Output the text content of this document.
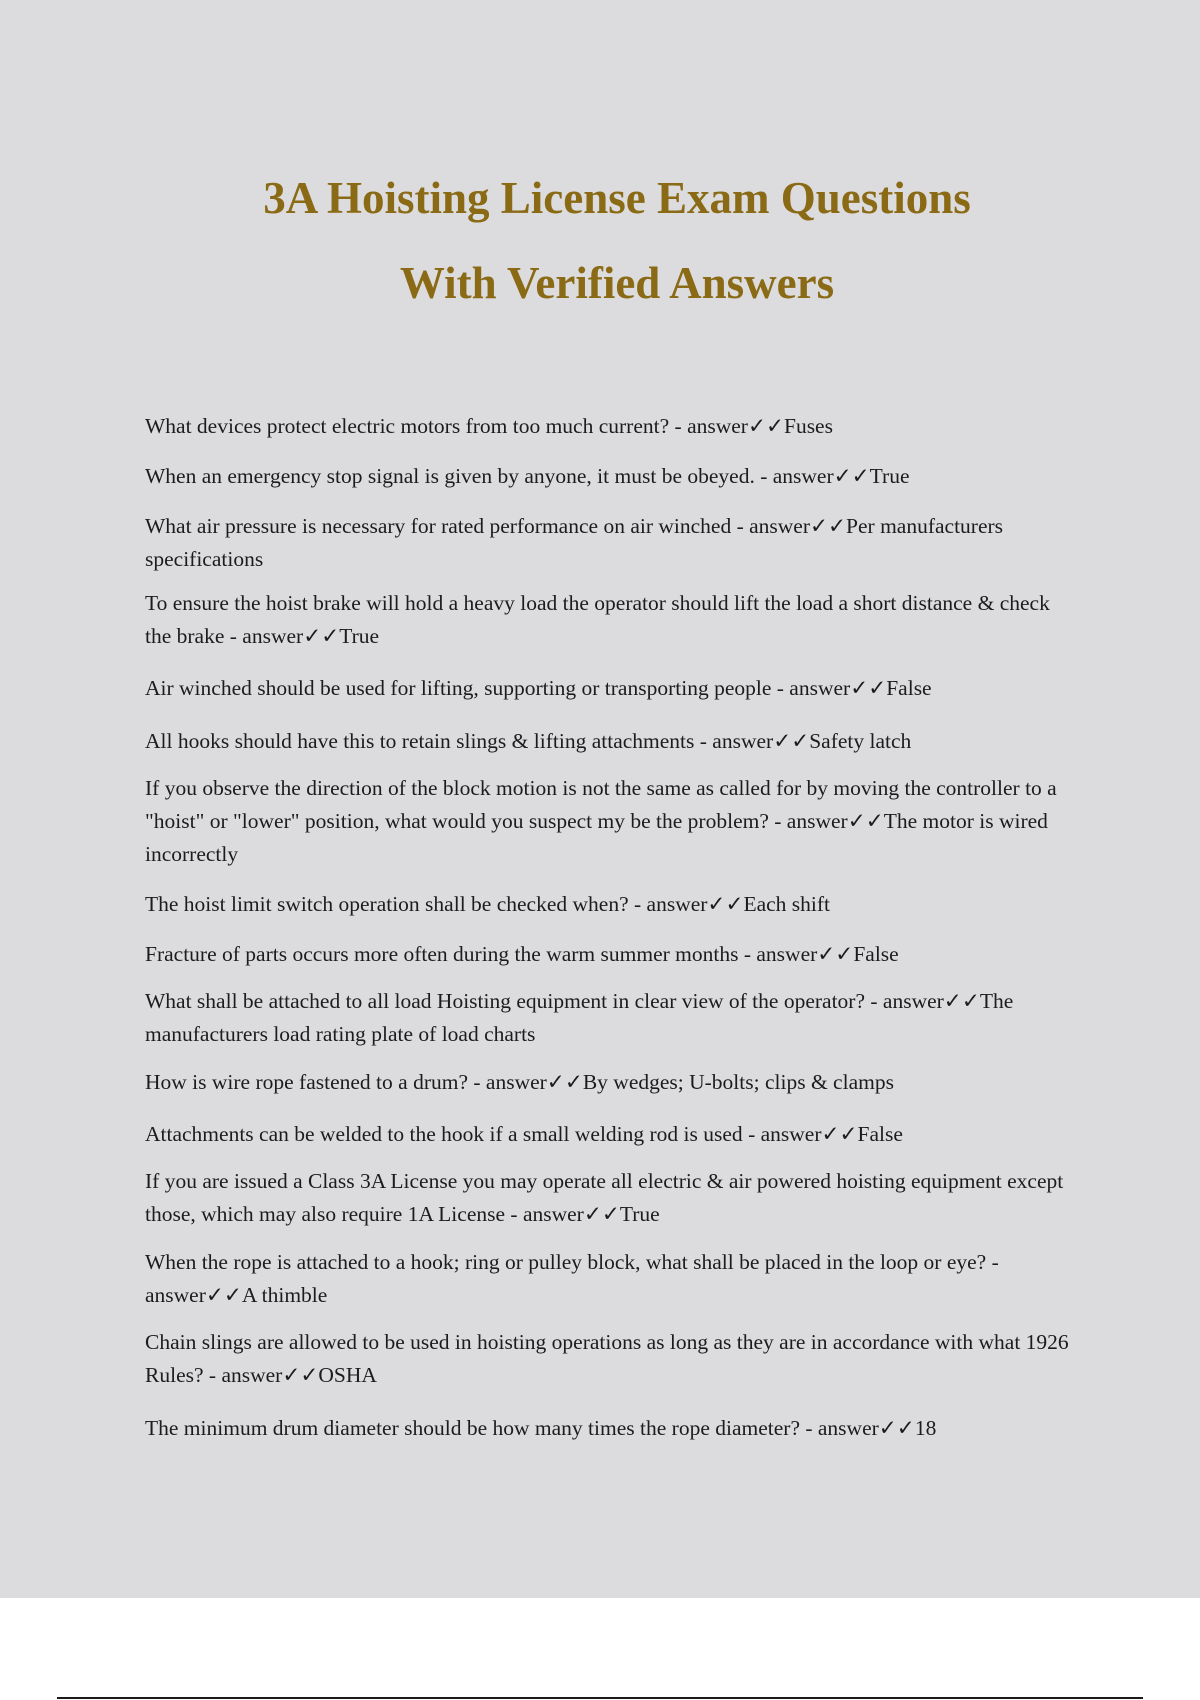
3A Hoisting License Exam Questions
With Verified Answers

What devices protect electric motors from too much current? - answer✓✓Fuses

When an emergency stop signal is given by anyone, it must be obeyed. - answer✓✓True

What air pressure is necessary for rated performance on air winched - answer✓✓Per manufacturers specifications

To ensure the hoist brake will hold a heavy load the operator should lift the load a short distance & check the brake - answer✓✓True

Air winched should be used for lifting, supporting or transporting people - answer✓✓False

All hooks should have this to retain slings & lifting attachments - answer✓✓Safety latch

If you observe the direction of the block motion is not the same as called for by moving the controller to a "hoist" or "lower" position, what would you suspect my be the problem? - answer✓✓The motor is wired incorrectly

The hoist limit switch operation shall be checked when? - answer✓✓Each shift

Fracture of parts occurs more often during the warm summer months - answer✓✓False

What shall be attached to all load Hoisting equipment in clear view of the operator? - answer✓✓The manufacturers load rating plate of load charts

How is wire rope fastened to a drum? - answer✓✓By wedges; U-bolts; clips & clamps

Attachments can be welded to the hook if a small welding rod is used - answer✓✓False

If you are issued a Class 3A License you may operate all electric & air powered hoisting equipment except those, which may also require 1A License - answer✓✓True

When the rope is attached to a hook; ring or pulley block, what shall be placed in the loop or eye? - answer✓✓A thimble

Chain slings are allowed to be used in hoisting operations as long as they are in accordance with what 1926 Rules? - answer✓✓OSHA

The minimum drum diameter should be how many times the rope diameter? - answer✓✓18
